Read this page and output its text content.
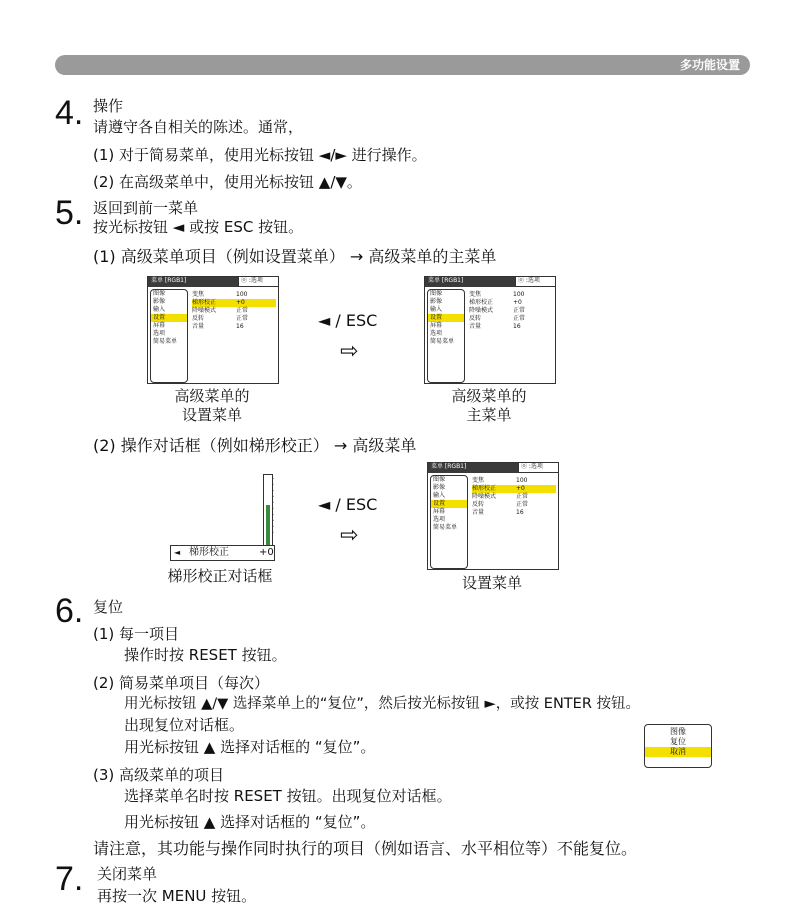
多功能设置
4. 操作
请遵守各自相关的陈述。通常，
(1) 对于简易菜单，使用光标按钮 ◄/► 进行操作。
(2) 在高级菜单中，使用光标按钮 ▲/▼。
5. 返回到前一菜单
按光标按钮 ◄ 或按 ESC 按钮。
(1) 高级菜单项目（例如设置菜单） → 高级菜单的主菜单
菜单 [RGB1]	⓪ :选项
图像
影像
输入
设置
屏幕
选项
简易菜单
变焦	100
梯形校正	+0
降噪模式	正常
反转	正常
音量	16	◄ / ESC
⇨
菜单 [RGB1]	⓪ :选项
图像
影像
输入
设置
屏幕
选项
简易菜单
变焦	100
梯形校正	+0
降噪模式	正常
反转	正常
音量	16
高级菜单的
设置菜单
高级菜单的
主菜单
(2) 操作对话框（例如梯形校正） → 高级菜单
-
-
-
-
-
-
-
-
-
-
◄ 梯形校正	+0
梯形校正对话框
◄ / ESC
⇨
菜单 [RGB1]	⓪ :选项
图像
影像
输入
设置
屏幕
选项
简易菜单
变焦	100
梯形校正	+0
降噪模式	正常
反转	正常
音量	16
设置菜单
6. 复位
(1) 每一项目
操作时按 RESET 按钮。
(2) 简易菜单项目（每次）
用光标按钮 ▲/▼ 选择菜单上的“复位”，然后按光标按钮 ►，或按 ENTER 按钮。
出现复位对话框。
用光标按钮 ▲ 选择对话框的 “复位”。
图像
复位
取消
(3) 高级菜单的项目
选择菜单名时按 RESET 按钮。出现复位对话框。
用光标按钮 ▲ 选择对话框的 “复位”。
请注意，其功能与操作同时执行的项目（例如语言、水平相位等）不能复位。
7. 关闭菜单
再按一次 MENU 按钮。
